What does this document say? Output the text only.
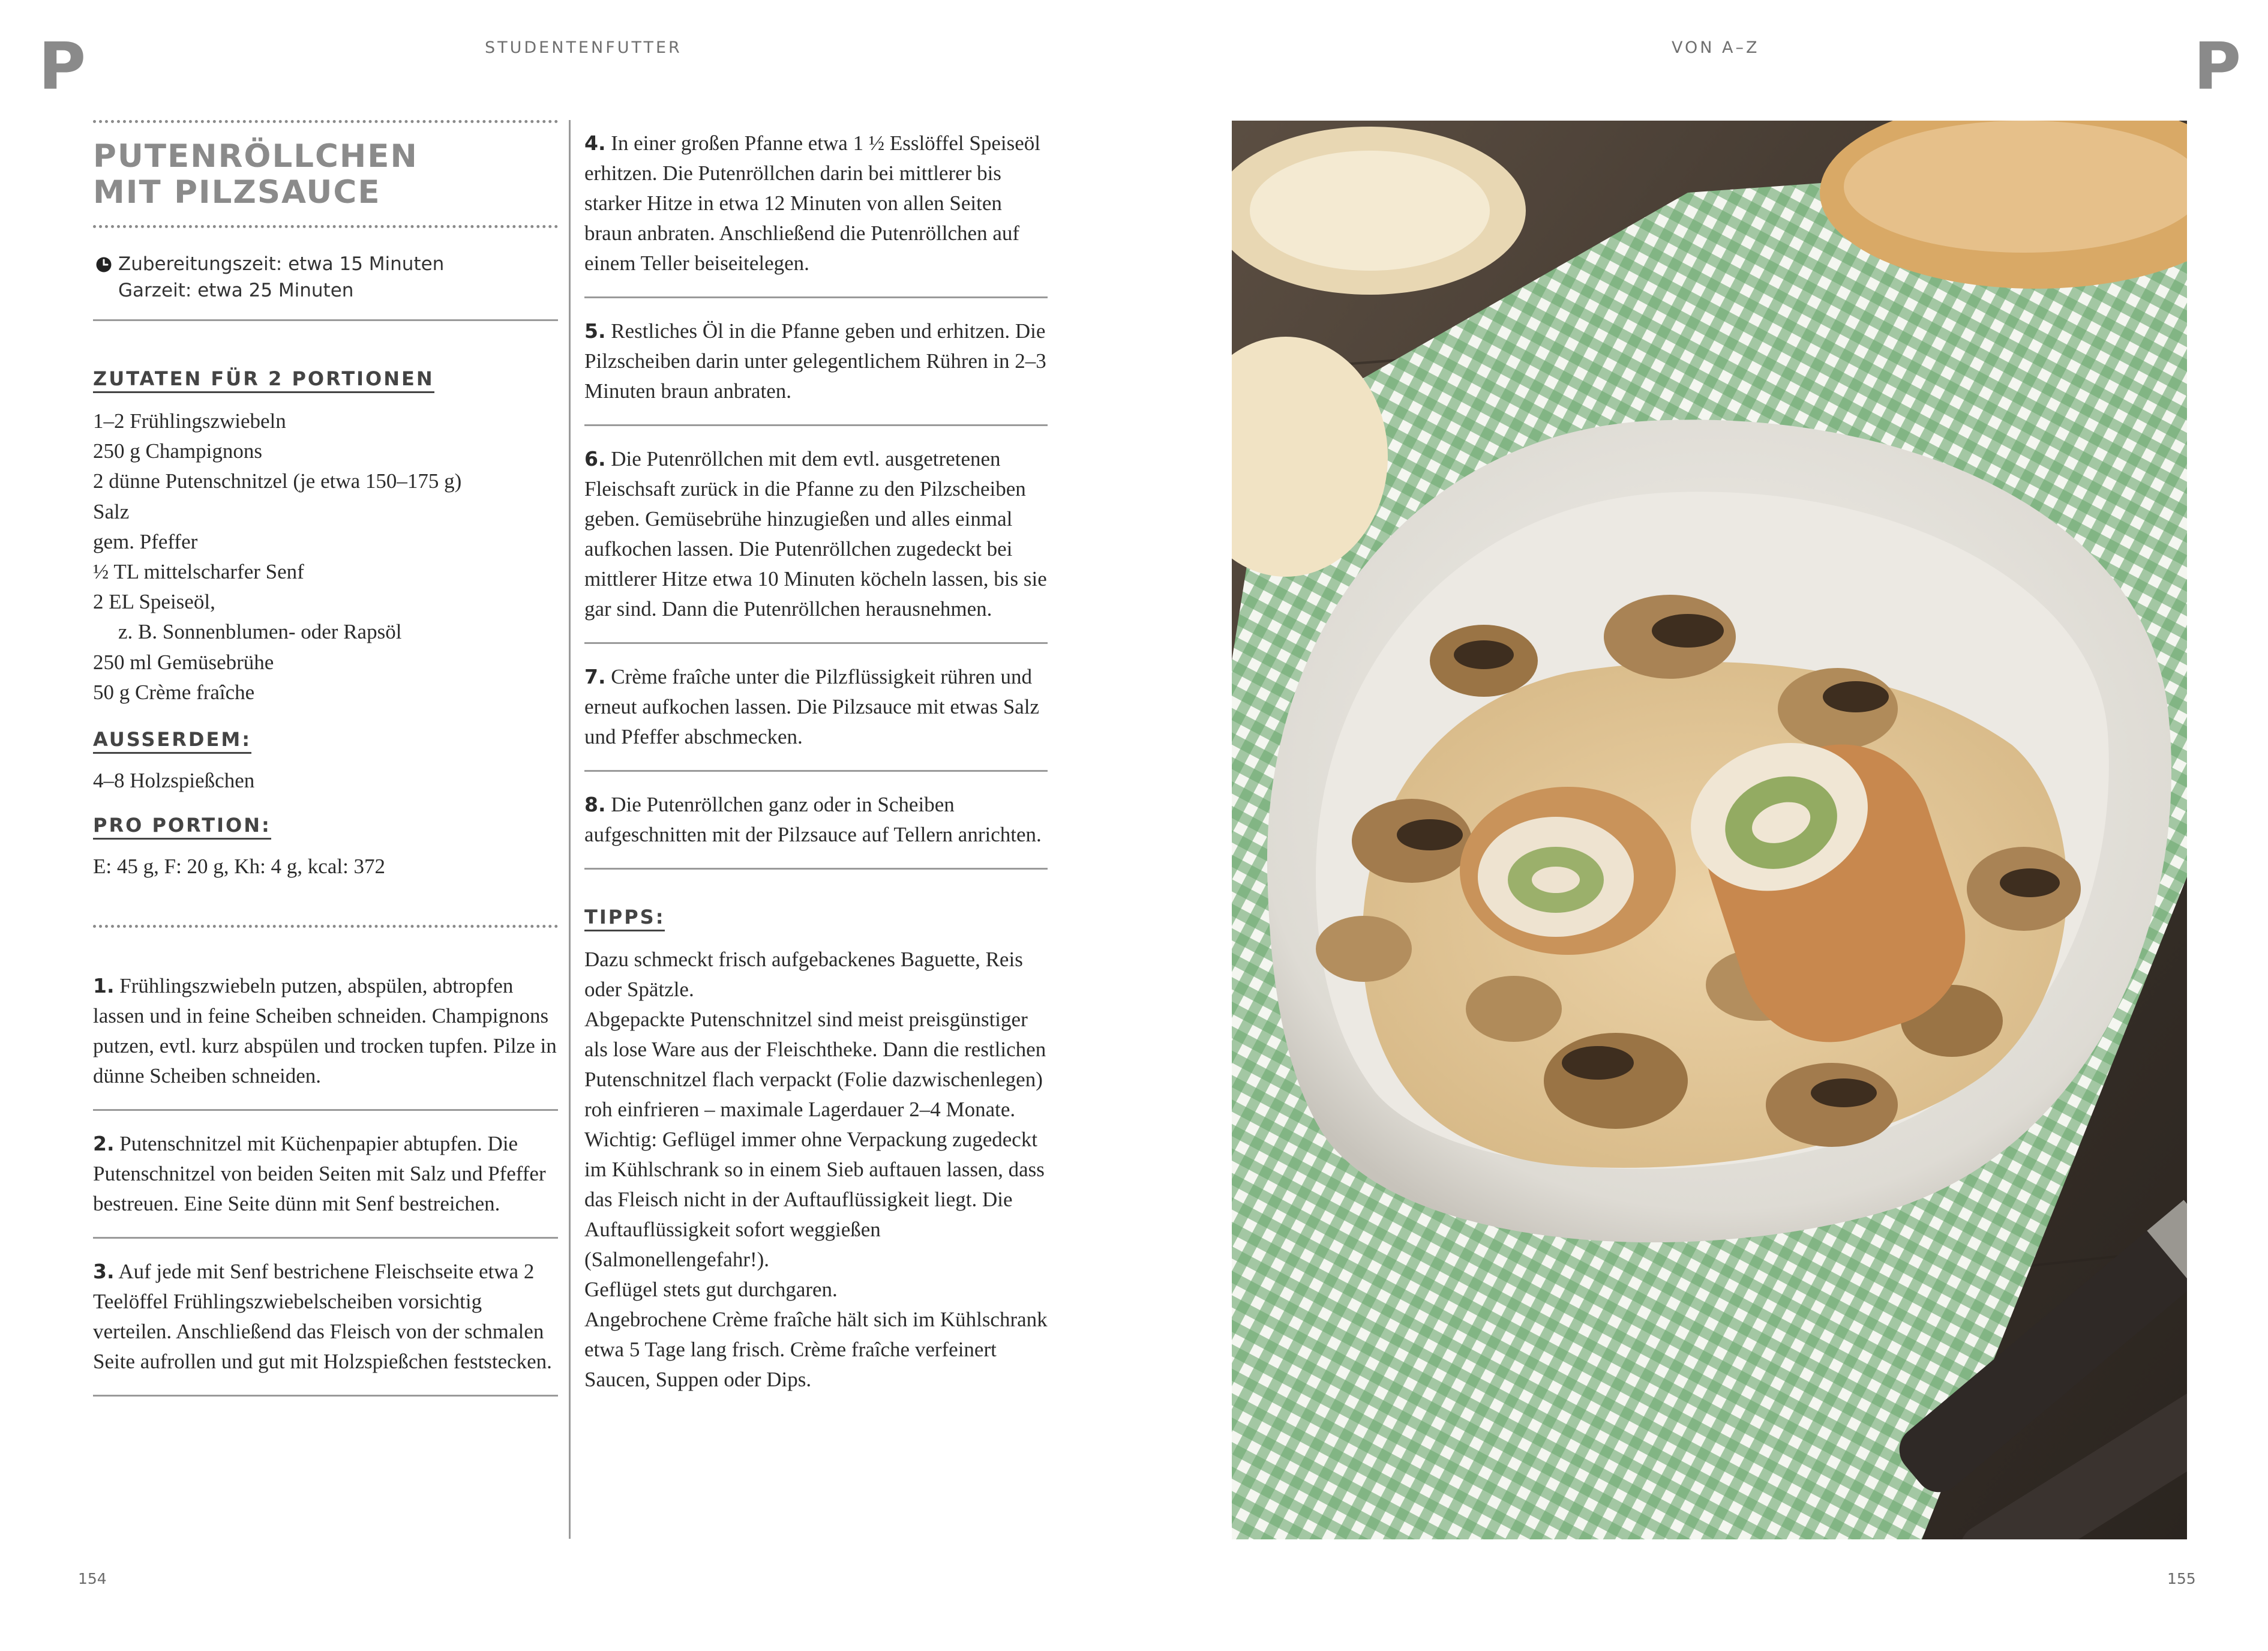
P	P
STUDENTENFUTTER	VON A–Z
PUTENRÖLLCHEN
MIT PILZSAUCE
Zubereitungszeit: etwa 15 Minuten
Garzeit: etwa 25 Minuten
ZUTATEN FÜR 2 PORTIONEN
1–2 Frühlingszwiebeln
250 g Champignons
2 dünne Putenschnitzel (je etwa 150–175 g)
Salz
gem. Pfeffer
½ TL mittelscharfer Senf
2 EL Speiseöl,
z. B. Sonnenblumen- oder Rapsöl
250 ml Gemüsebrühe
50 g Crème fraîche
AUSSERDEM:
4–8 Holzspießchen
PRO PORTION:
E: 45 g, F: 20 g, Kh: 4 g, kcal: 372
1. Frühlingszwiebeln putzen, abspülen, abtropfen lassen und in feine Scheiben schneiden. Champignons putzen, evtl. kurz abspülen und trocken tupfen. Pilze in dünne Scheiben schneiden.
2. Putenschnitzel mit Küchenpapier abtupfen. Die Putenschnitzel von beiden Seiten mit Salz und Pfeffer bestreuen. Eine Seite dünn mit Senf bestreichen.
3. Auf jede mit Senf bestrichene Fleischseite etwa 2 Teelöffel Frühlingszwiebelscheiben vorsichtig verteilen. Anschließend das Fleisch von der schmalen Seite aufrollen und gut mit Holzspießchen feststecken.
4. In einer großen Pfanne etwa 1 ½ Esslöffel Speiseöl erhitzen. Die Putenröllchen darin bei mittlerer bis starker Hitze in etwa 12 Minuten von allen Seiten braun anbraten. Anschließend die Putenröllchen auf einem Teller beiseitelegen.
5. Restliches Öl in die Pfanne geben und erhitzen. Die Pilzscheiben darin unter gelegentlichem Rühren in 2–3 Minuten braun anbraten.
6. Die Putenröllchen mit dem evtl. ausgetretenen Fleischsaft zurück in die Pfanne zu den Pilzscheiben geben. Gemüsebrühe hinzugießen und alles einmal aufkochen lassen. Die Putenröllchen zugedeckt bei mittlerer Hitze etwa 10 Minuten köcheln lassen, bis sie gar sind. Dann die Putenröllchen herausnehmen.
7. Crème fraîche unter die Pilzflüssigkeit rühren und erneut aufkochen lassen. Die Pilzsauce mit etwas Salz und Pfeffer abschmecken.
8. Die Putenröllchen ganz oder in Scheiben aufgeschnitten mit der Pilzsauce auf Tellern anrichten.
TIPPS:
Dazu schmeckt frisch aufgebackenes Baguette, Reis oder Spätzle.
Abgepackte Putenschnitzel sind meist preisgünstiger als lose Ware aus der Fleischtheke. Dann die restlichen Putenschnitzel flach verpackt (Folie dazwischenlegen) roh einfrieren – maximale Lagerdauer 2–4 Monate.
Wichtig: Geflügel immer ohne Verpackung zugedeckt im Kühlschrank so in einem Sieb auftauen lassen, dass das Fleisch nicht in der Auftauflüssigkeit liegt. Die Auftauflüssigkeit sofort weggießen (Salmonellengefahr!).
Geflügel stets gut durchgaren.
Angebrochene Crème fraîche hält sich im Kühlschrank etwa 5 Tage lang frisch. Crème fraîche verfeinert Saucen, Suppen oder Dips.
154	155
